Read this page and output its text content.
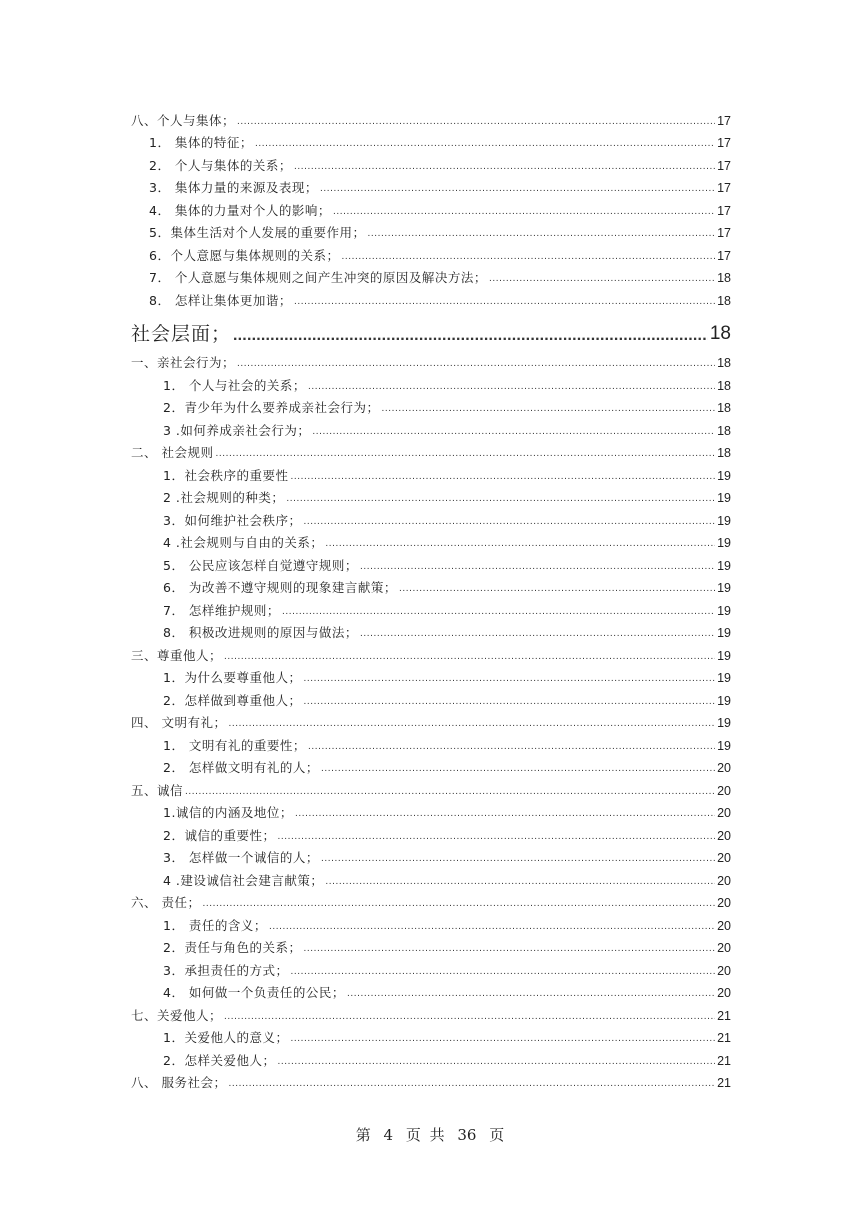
八、个人与集体； .....	17
1． 集体的特征； .....	17
2． 个人与集体的关系； .....	17
3． 集体力量的来源及表现； .....	17
4． 集体的力量对个人的影响； .....	17
5．集体生活对个人发展的重要作用； .....	17
6．个人意愿与集体规则的关系； .....	17
7． 个人意愿与集体规则之间产生冲突的原因及解决方法； .....	18
8． 怎样让集体更加谐； .....	18
社会层面； .....	18
一、亲社会行为； .....	18
1． 个人与社会的关系； .....	18
2．青少年为什么要养成亲社会行为； .....	18
3 .如何养成亲社会行为； .....	18
二、 社会规则 .....	18
1．社会秩序的重要性 .....	19
2 .社会规则的种类； .....	19
3．如何维护社会秩序； .....	19
4 .社会规则与自由的关系； .....	19
5． 公民应该怎样自觉遵守规则； .....	19
6． 为改善不遵守规则的现象建言献策； .....	19
7． 怎样维护规则； .....	19
8． 积极改进规则的原因与做法； .....	19
三、尊重他人； .....	19
1．为什么要尊重他人； .....	19
2．怎样做到尊重他人； .....	19
四、 文明有礼； .....	19
1． 文明有礼的重要性； .....	19
2． 怎样做文明有礼的人； .....	20
五、诚信 .....	20
1.诚信的内涵及地位； .....	20
2．诚信的重要性； .....	20
3． 怎样做一个诚信的人； .....	20
4 .建设诚信社会建言献策； .....	20
六、 责任； .....	20
1． 责任的含义； .....	20
2．责任与角色的关系； .....	20
3．承担责任的方式； .....	20
4． 如何做一个负责任的公民； .....	20
七、关爱他人； .....	21
1．关爱他人的意义； .....	21
2．怎样关爱他人； .....	21
八、 服务社会； .....	21
第 4 页 共 36 页
